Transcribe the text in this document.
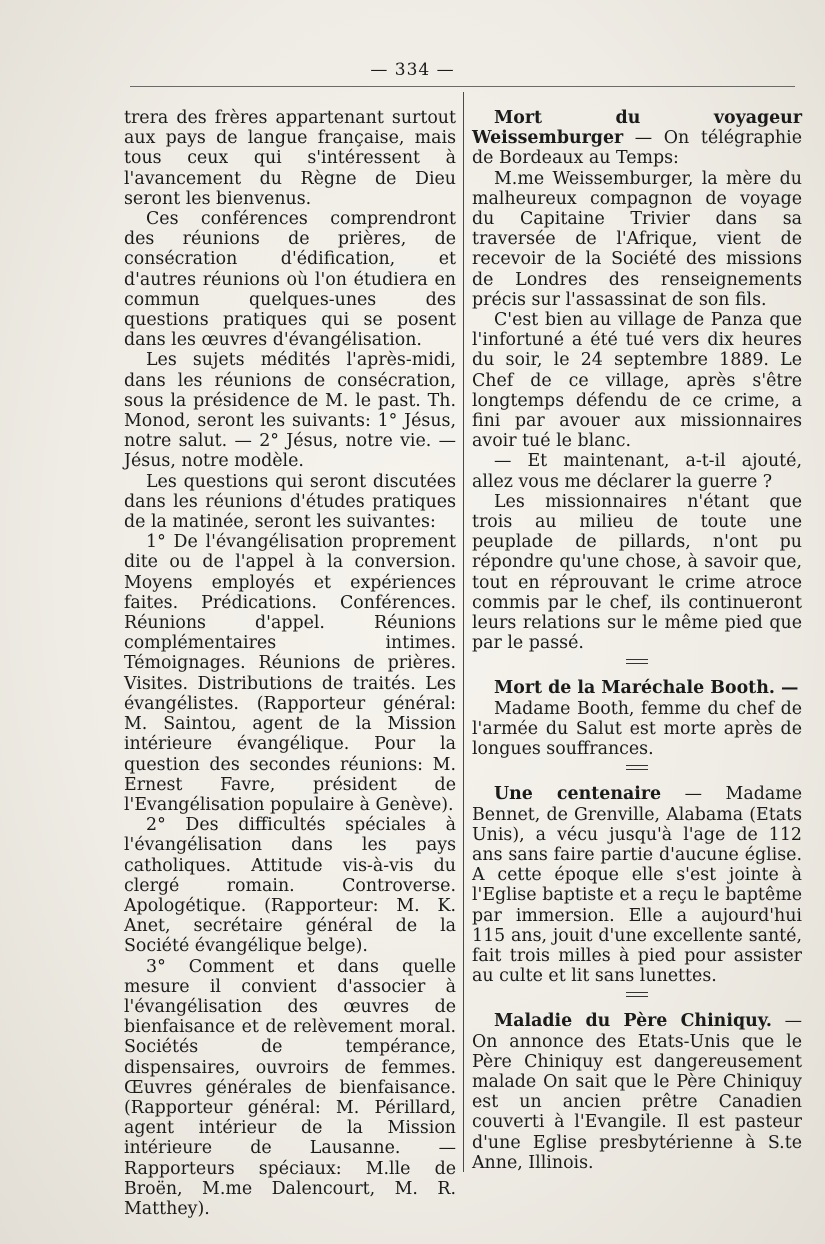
— 334 —

trera des frères appartenant surtout aux pays de langue française, mais tous ceux qui s'intéressent à l'avancement du Règne de Dieu seront les bienvenus.

Ces conférences comprendront des réunions de prières, de consécration d'édification, et d'autres réunions où l'on étudiera en commun quelques-unes des questions pratiques qui se posent dans les œuvres d'évangélisation.

Les sujets médités l'après-midi, dans les réunions de consécration, sous la présidence de M. le past. Th. Monod, seront les suivants: 1° Jésus, notre salut. — 2° Jésus, notre vie. — Jésus, notre modèle.

Les questions qui seront discutées dans les réunions d'études pratiques de la matinée, seront les suivantes:

1° De l'évangélisation proprement dite ou de l'appel à la conversion. Moyens employés et expériences faites. Prédications. Conférences. Réunions d'appel. Réunions complémentaires intimes. Témoignages. Réunions de prières. Visites. Distributions de traités. Les évangélistes. (Rapporteur général: M. Saintou, agent de la Mission intérieure évangélique. Pour la question des secondes réunions: M. Ernest Favre, président de l'Evangélisation populaire à Genève).

2° Des difficultés spéciales à l'évangélisation dans les pays catholiques. Attitude vis-à-vis du clergé romain. Controverse. Apologétique. (Rapporteur: M. K. Anet, secrétaire général de la Société évangélique belge).

3° Comment et dans quelle mesure il convient d'associer à l'évangélisation des œuvres de bienfaisance et de relèvement moral. Sociétés de tempérance, dispensaires, ouvroirs de femmes. Œuvres générales de bienfaisance. (Rapporteur général: M. Périllard, agent intérieur de la Mission intérieure de Lausanne. — Rapporteurs spéciaux: M.lle de Broën, M.me Dalencourt, M. R. Matthey).

Mort du voyageur Weissemburger — On télégraphie de Bordeaux au Temps:

M.me Weissemburger, la mère du malheureux compagnon de voyage du Capitaine Trivier dans sa traversée de l'Afrique, vient de recevoir de la Société des missions de Londres des renseignements précis sur l'assassinat de son fils.

C'est bien au village de Panza que l'infortuné a été tué vers dix heures du soir, le 24 septembre 1889. Le Chef de ce village, après s'être longtemps défendu de ce crime, a fini par avouer aux missionnaires avoir tué le blanc.

— Et maintenant, a-t-il ajouté, allez vous me déclarer la guerre ?

Les missionnaires n'étant que trois au milieu de toute une peuplade de pillards, n'ont pu répondre qu'une chose, à savoir que, tout en réprouvant le crime atroce commis par le chef, ils continueront leurs relations sur le même pied que par le passé.

Mort de la Maréchale Booth. —

Madame Booth, femme du chef de l'armée du Salut est morte après de longues souffrances.

Une centenaire — Madame Bennet, de Grenville, Alabama (Etats Unis), a vécu jusqu'à l'age de 112 ans sans faire partie d'aucune église. A cette époque elle s'est jointe à l'Eglise baptiste et a reçu le baptême par immersion. Elle a aujourd'hui 115 ans, jouit d'une excellente santé, fait trois milles à pied pour assister au culte et lit sans lunettes.

Maladie du Père Chiniquy. — On annonce des Etats-Unis que le Père Chiniquy est dangereusement malade On sait que le Père Chiniquy est un ancien prêtre Canadien couverti à l'Evangile. Il est pasteur d'une Eglise presbytérienne à S.te Anne, Illinois.
